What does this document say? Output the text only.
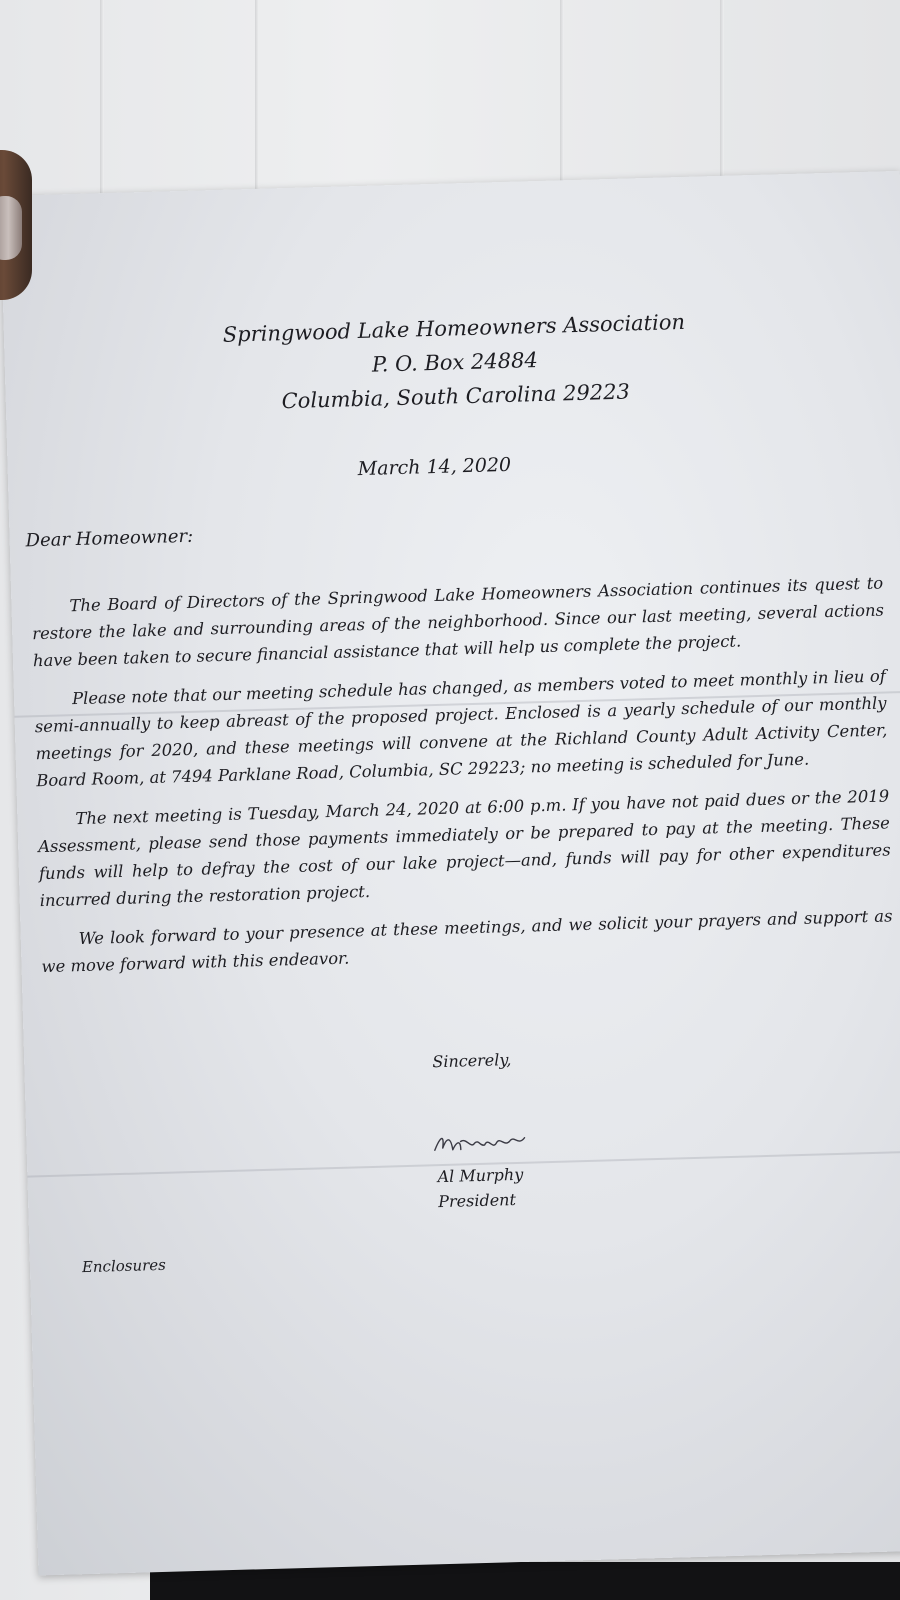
Springwood Lake Homeowners Association
P. O. Box 24884
Columbia, South Carolina 29223
March 14, 2020
Dear Homeowner:

The Board of Directors of the Springwood Lake Homeowners Association continues its quest to restore the lake and surrounding areas of the neighborhood. Since our last meeting, several actions have been taken to secure financial assistance that will help us complete the project.

Please note that our meeting schedule has changed, as members voted to meet monthly in lieu of semi-annually to keep abreast of the proposed project. Enclosed is a yearly schedule of our monthly meetings for 2020, and these meetings will convene at the Richland County Adult Activity Center, Board Room, at 7494 Parklane Road, Columbia, SC 29223; no meeting is scheduled for June.

The next meeting is Tuesday, March 24, 2020 at 6:00 p.m. If you have not paid dues or the 2019 Assessment, please send those payments immediately or be prepared to pay at the meeting. These funds will help to defray the cost of our lake project—and, funds will pay for other expenditures incurred during the restoration project.

We look forward to your presence at these meetings, and we solicit your prayers and support as we move forward with this endeavor.

Sincerely,
Al Murphy
President
Enclosures
